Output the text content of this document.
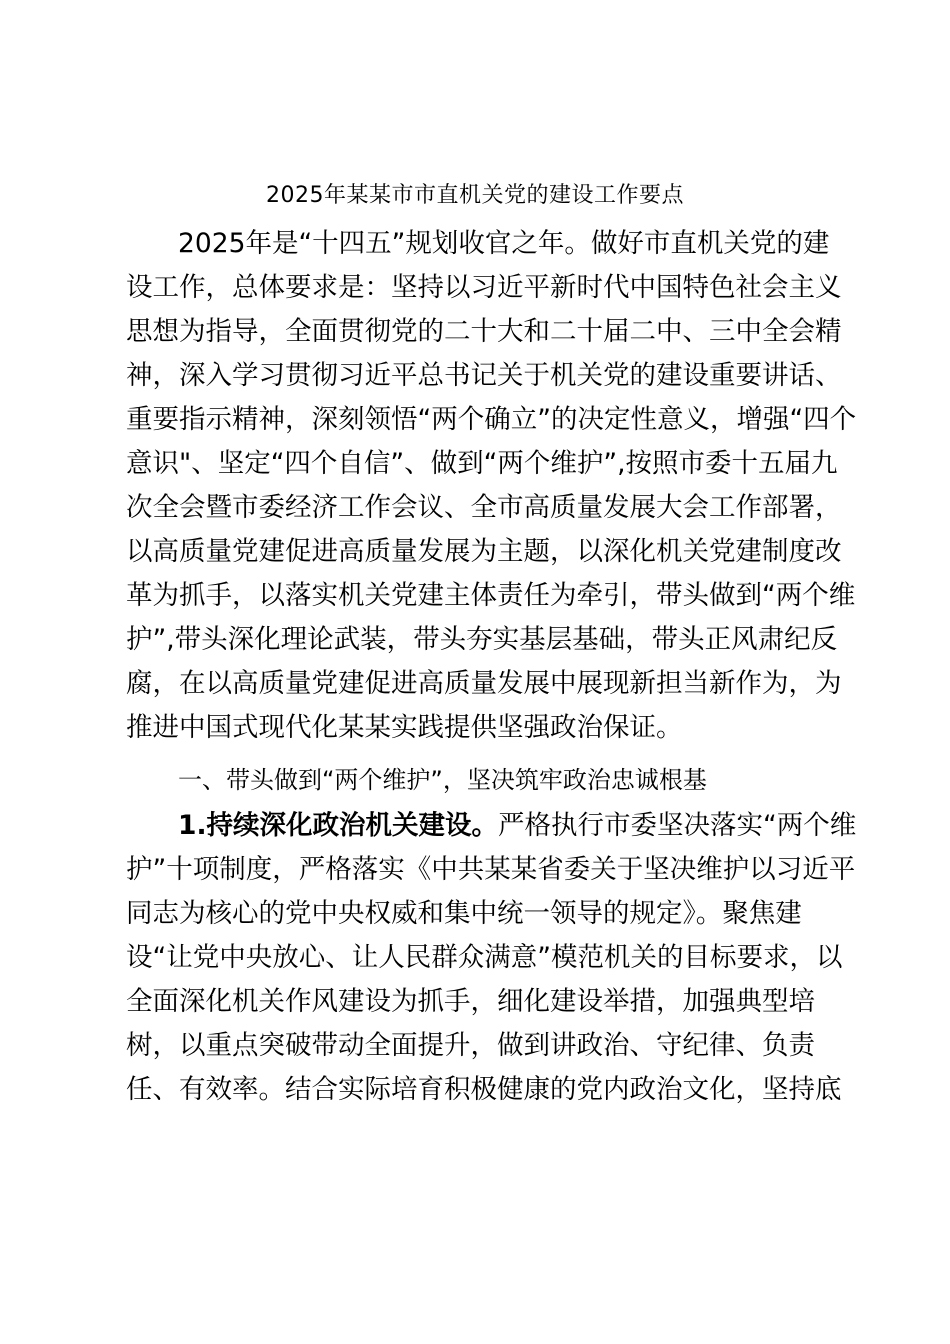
2025年某某市市直机关党的建设工作要点
2025年是“十四五”规划收官之年。做好市直机关党的建
设工作，总体要求是：坚持以习近平新时代中国特色社会主义
思想为指导，全面贯彻党的二十大和二十届二中、三中全会精
神，深入学习贯彻习近平总书记关于机关党的建设重要讲话、
重要指示精神，深刻领悟“两个确立”的决定性意义，增强“四个
意识"、坚定“四个自信”、做到“两个维护”,按照市委十五届九
次全会暨市委经济工作会议、全市高质量发展大会工作部署，
以高质量党建促进高质量发展为主题，以深化机关党建制度改
革为抓手，以落实机关党建主体责任为牵引，带头做到“两个维
护”,带头深化理论武装，带头夯实基层基础，带头正风肃纪反
腐，在以高质量党建促进高质量发展中展现新担当新作为，为
推进中国式现代化某某实践提供坚强政治保证。
一、带头做到“两个维护”，坚决筑牢政治忠诚根基
1.持续深化政治机关建设。严格执行市委坚决落实“两个维
护”十项制度，严格落实《中共某某省委关于坚决维护以习近平
同志为核心的党中央权威和集中统一领导的规定》。聚焦建
设“让党中央放心、让人民群众满意”模范机关的目标要求，以
全面深化机关作风建设为抓手，细化建设举措，加强典型培
树，以重点突破带动全面提升，做到讲政治、守纪律、负责
任、有效率。结合实际培育积极健康的党内政治文化，坚持底
